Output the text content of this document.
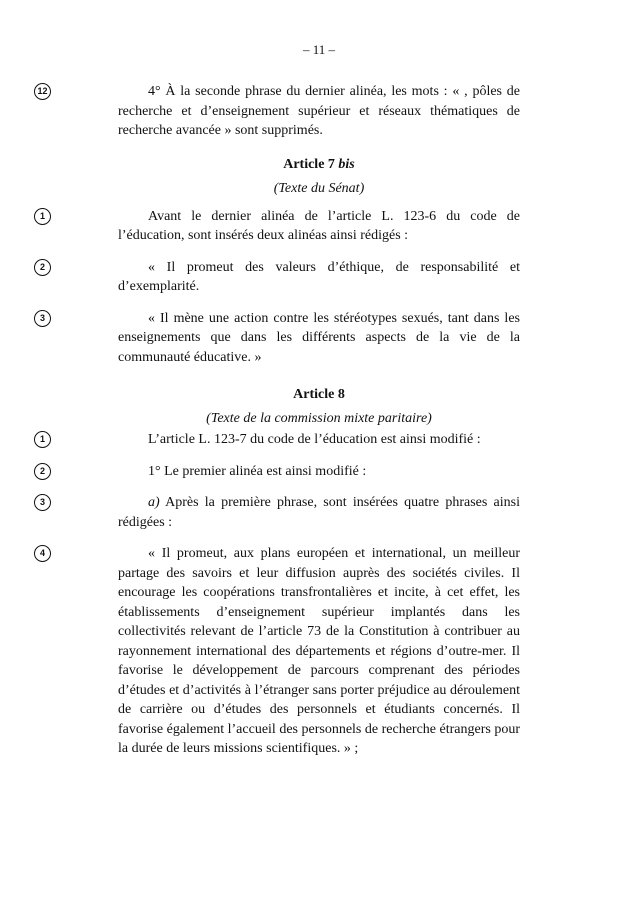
– 11 –

12	4° À la seconde phrase du dernier alinéa, les mots : « , pôles de recherche et d’enseignement supérieur et réseaux thématiques de recherche avancée » sont supprimés.

Article 7 bis

(Texte du Sénat)

1	Avant le dernier alinéa de l’article L. 123-6 du code de l’éducation, sont insérés deux alinéas ainsi rédigés :

2	« Il promeut des valeurs d’éthique, de responsabilité et d’exemplarité.

3	« Il mène une action contre les stéréotypes sexués, tant dans les enseignements que dans les différents aspects de la vie de la communauté éducative. »

Article 8

(Texte de la commission mixte paritaire)

1	L’article L. 123-7 du code de l’éducation est ainsi modifié :

2	1° Le premier alinéa est ainsi modifié :

3	a) Après la première phrase, sont insérées quatre phrases ainsi rédigées :

4	« Il promeut, aux plans européen et international, un meilleur partage des savoirs et leur diffusion auprès des sociétés civiles. Il encourage les coopérations transfrontalières et incite, à cet effet, les établissements d’enseignement supérieur implantés dans les collectivités relevant de l’article 73 de la Constitution à contribuer au rayonnement international des départements et régions d’outre-mer. Il favorise le développement de parcours comprenant des périodes d’études et d’activités à l’étranger sans porter préjudice au déroulement de carrière ou d’études des personnels et étudiants concernés. Il favorise également l’accueil des personnels de recherche étrangers pour la durée de leurs missions scientifiques. » ;
